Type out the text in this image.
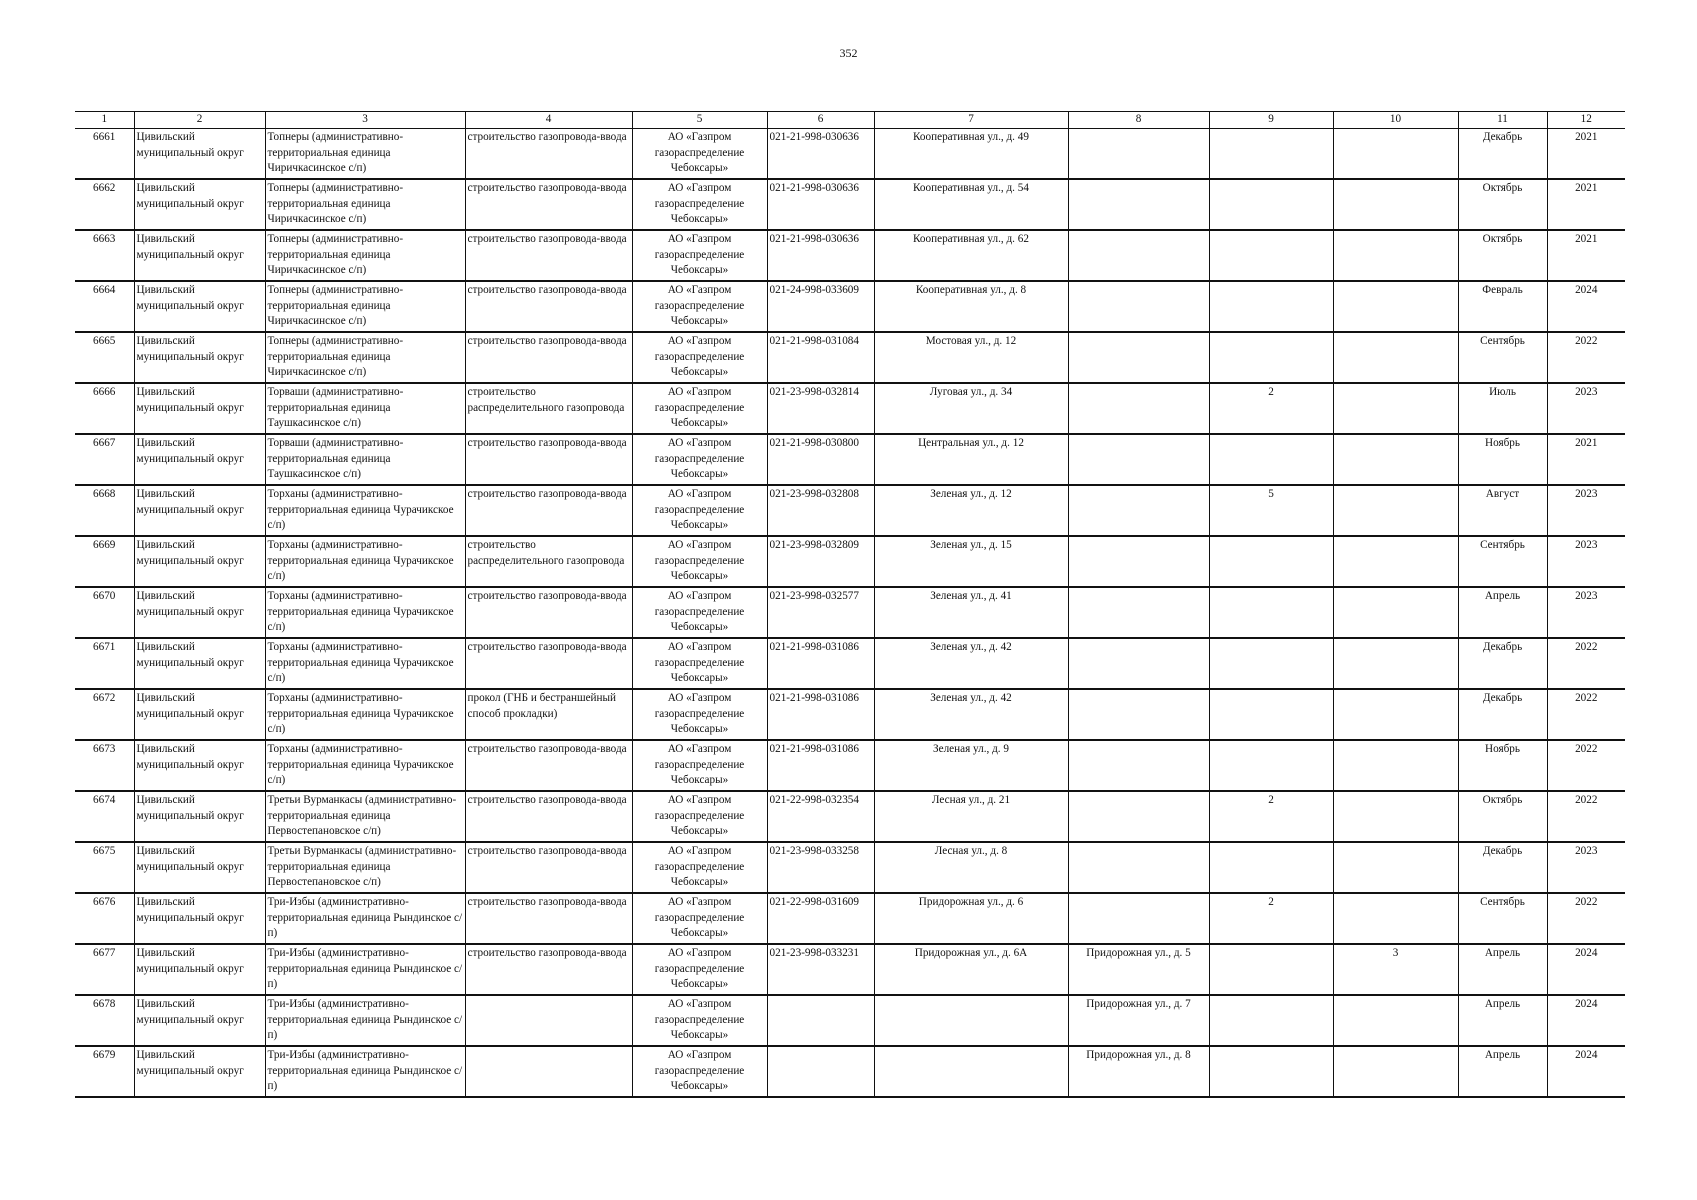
352
1	2	3	4	5	6	7	8	9	10	11	12
6661	Цивильский муниципальный округ	Топнеры (административно-территориальная единица Чиричкасинское с/п)	строительство газопровода-ввода	АО «Газпром газораспределение Чебоксары»	021-21-998-030636	Кооперативная ул., д. 49				Декабрь	2021
6662	Цивильский муниципальный округ	Топнеры (административно-территориальная единица Чиричкасинское с/п)	строительство газопровода-ввода	АО «Газпром газораспределение Чебоксары»	021-21-998-030636	Кооперативная ул., д. 54				Октябрь	2021
6663	Цивильский муниципальный округ	Топнеры (административно-территориальная единица Чиричкасинское с/п)	строительство газопровода-ввода	АО «Газпром газораспределение Чебоксары»	021-21-998-030636	Кооперативная ул., д. 62				Октябрь	2021
6664	Цивильский муниципальный округ	Топнеры (административно-территориальная единица Чиричкасинское с/п)	строительство газопровода-ввода	АО «Газпром газораспределение Чебоксары»	021-24-998-033609	Кооперативная ул., д. 8				Февраль	2024
6665	Цивильский муниципальный округ	Топнеры (административно-территориальная единица Чиричкасинское с/п)	строительство газопровода-ввода	АО «Газпром газораспределение Чебоксары»	021-21-998-031084	Мостовая ул., д. 12				Сентябрь	2022
6666	Цивильский муниципальный округ	Торваши (административно-территориальная единица Таушкасинское с/п)	строительство распределительного газопровода	АО «Газпром газораспределение Чебоксары»	021-23-998-032814	Луговая ул., д. 34		2		Июль	2023
6667	Цивильский муниципальный округ	Торваши (административно-территориальная единица Таушкасинское с/п)	строительство газопровода-ввода	АО «Газпром газораспределение Чебоксары»	021-21-998-030800	Центральная ул., д. 12				Ноябрь	2021
6668	Цивильский муниципальный округ	Торханы (административно-территориальная единица Чурачикское с/п)	строительство газопровода-ввода	АО «Газпром газораспределение Чебоксары»	021-23-998-032808	Зеленая ул., д. 12		5		Август	2023
6669	Цивильский муниципальный округ	Торханы (административно-территориальная единица Чурачикское с/п)	строительство распределительного газопровода	АО «Газпром газораспределение Чебоксары»	021-23-998-032809	Зеленая ул., д. 15				Сентябрь	2023
6670	Цивильский муниципальный округ	Торханы (административно-территориальная единица Чурачикское с/п)	строительство газопровода-ввода	АО «Газпром газораспределение Чебоксары»	021-23-998-032577	Зеленая ул., д. 41				Апрель	2023
6671	Цивильский муниципальный округ	Торханы (административно-территориальная единица Чурачикское с/п)	строительство газопровода-ввода	АО «Газпром газораспределение Чебоксары»	021-21-998-031086	Зеленая ул., д. 42				Декабрь	2022
6672	Цивильский муниципальный округ	Торханы (административно-территориальная единица Чурачикское с/п)	прокол (ГНБ и бестраншейный способ прокладки)	АО «Газпром газораспределение Чебоксары»	021-21-998-031086	Зеленая ул., д. 42				Декабрь	2022
6673	Цивильский муниципальный округ	Торханы (административно-территориальная единица Чурачикское с/п)	строительство газопровода-ввода	АО «Газпром газораспределение Чебоксары»	021-21-998-031086	Зеленая ул., д. 9				Ноябрь	2022
6674	Цивильский муниципальный округ	Третьи Вурманкасы (административно-территориальная единица Первостепановское с/п)	строительство газопровода-ввода	АО «Газпром газораспределение Чебоксары»	021-22-998-032354	Лесная ул., д. 21		2		Октябрь	2022
6675	Цивильский муниципальный округ	Третьи Вурманкасы (административно-территориальная единица Первостепановское с/п)	строительство газопровода-ввода	АО «Газпром газораспределение Чебоксары»	021-23-998-033258	Лесная ул., д. 8				Декабрь	2023
6676	Цивильский муниципальный округ	Три-Избы (административно-территориальная единица Рындинское с/п)	строительство газопровода-ввода	АО «Газпром газораспределение Чебоксары»	021-22-998-031609	Придорожная ул., д. 6		2		Сентябрь	2022
6677	Цивильский муниципальный округ	Три-Избы (административно-территориальная единица Рындинское с/п)	строительство газопровода-ввода	АО «Газпром газораспределение Чебоксары»	021-23-998-033231	Придорожная ул., д. 6А	Придорожная ул., д. 5		3	Апрель	2024
6678	Цивильский муниципальный округ	Три-Избы (административно-территориальная единица Рындинское с/п)		АО «Газпром газораспределение Чебоксары»			Придорожная ул., д. 7			Апрель	2024
6679	Цивильский муниципальный округ	Три-Избы (административно-территориальная единица Рындинское с/п)		АО «Газпром газораспределение Чебоксары»			Придорожная ул., д. 8			Апрель	2024
